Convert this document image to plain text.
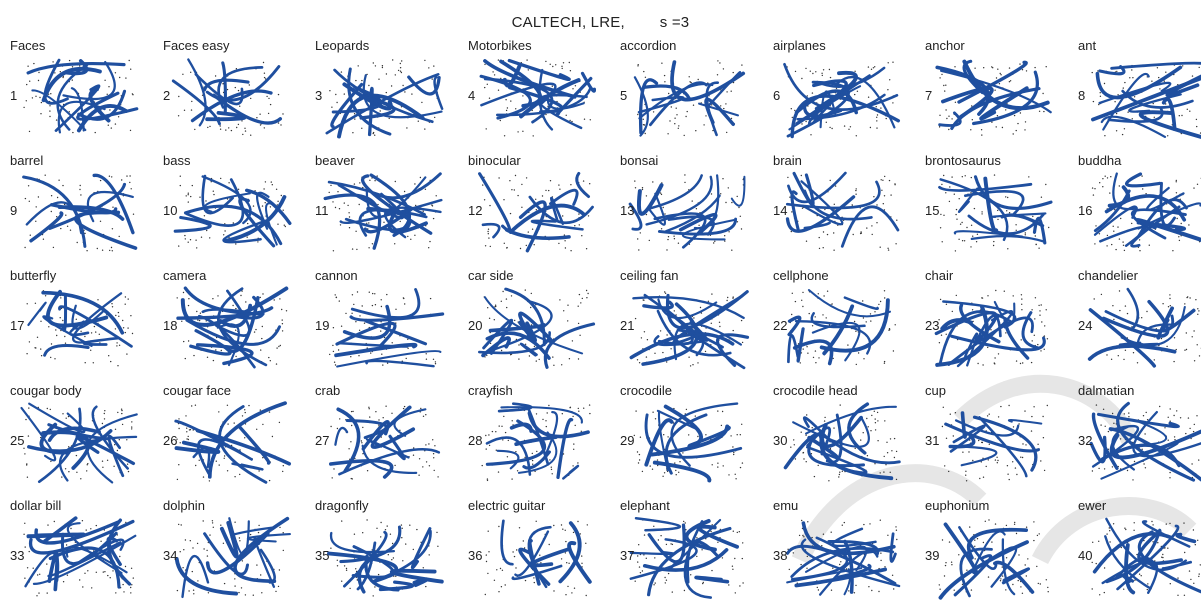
CALTECH, LRE,        s =3
Faces
1
Faces easy
2
Leopards
3
Motorbikes
4
accordion
5
airplanes
6
anchor
7
ant
8
barrel
9
bass
10
beaver
11
binocular
12
bonsai
13
brain
14
brontosaurus
15
buddha
16
butterfly
17
camera
18
cannon
19
car side
20
ceiling fan
21
cellphone
22
chair
23
chandelier
24
cougar body
25
cougar face
26
crab
27
crayfish
28
crocodile
29
crocodile head
30
cup
31
dalmatian
32
dollar bill
33
dolphin
34
dragonfly
35
electric guitar
36
elephant
37
emu
38
euphonium
39
ewer
40
